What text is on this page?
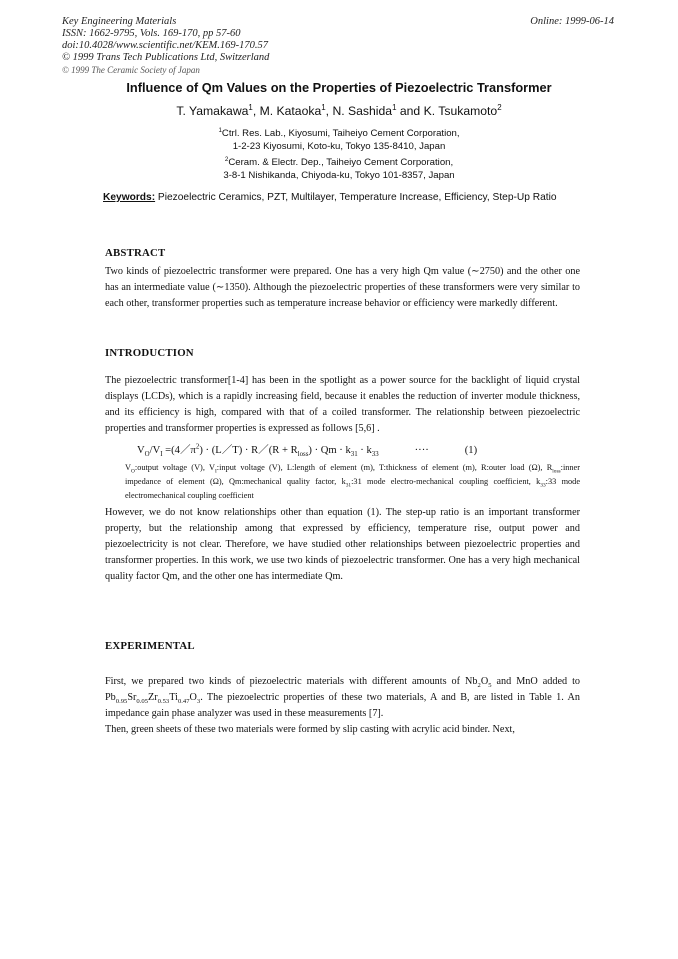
Key Engineering Materials
ISSN: 1662-9795, Vols. 169-170, pp 57-60
doi:10.4028/www.scientific.net/KEM.169-170.57
© 1999 Trans Tech Publications Ltd, Switzerland
© 1999 The Ceramic Society of Japan
Online: 1999-06-14
Influence of Qm Values on the Properties of Piezoelectric Transformer
T. Yamakawa$^1$, M. Kataoka$^1$, N. Sashida$^1$ and K. Tsukamoto$^2$
$^1$Ctrl. Res. Lab., Kiyosumi, Taiheiyo Cement Corporation,
1-2-23 Kiyosumi, Koto-ku, Tokyo 135-8410, Japan
$^2$Ceram. & Electr. Dep., Taiheiyo Cement Corporation,
3-8-1 Nishikanda, Chiyoda-ku, Tokyo 101-8357, Japan
Keywords: Piezoelectric Ceramics, PZT, Multilayer, Temperature Increase, Efficiency, Step-Up Ratio
ABSTRACT

Two kinds of piezoelectric transformer were prepared. One has a very high Qm value (∼2750) and the other one has an intermediate value (∼1350). Although the piezoelectric properties of these transformers were very similar to each other, transformer properties such as temperature increase behavior or efficiency were markedly different.

INTRODUCTION

The piezoelectric transformer[1-4] has been in the spotlight as a power source for the backlight of liquid crystal displays (LCDs), which is a rapidly increasing field, because it enables the reduction of inverter module thickness, and its efficiency is high, compared with that of a coiled transformer. The relationship between piezoelectric properties and transformer properties is expressed as follows [5,6] .

$V_O/V_I$ $=(4/\pi^2)$ · (L／T) · R／(R + $R_{loss}) \cdot Qm \cdot k_{31} \cdot k_{33}$	····	(1)

$V_O:output$ voltage (V), $V_I:input$ voltage (V), L:length of element (m), T:thickness of element (m), R:outer load (Ω), $R_{loss}:inner$ impedance of element (Ω), Qm:mechanical quality factor, $k_{31}:31$ mode electro-mechanical coupling coefficient, $k_{33}:33$ mode electromechanical coupling coefficient

However, we do not know relationships other than equation (1). The step-up ratio is an important transformer property, but the relationship among that expressed by efficiency, temperature rise, output power and piezoelectricity is not clear. Therefore, we have studied other relationships between piezoelectric properties and transformer properties. In this work, we use two kinds of piezoelectric transformer. One has a very high mechanical quality factor Qm, and the other one has intermediate Qm.

EXPERIMENTAL

First, we prepared two kinds of piezoelectric materials with different amounts of $Nb_2O_5$ and MnO added to $Pb_{0.95}Sr_{0.05}Zr_{0.53}Ti_{0.47}O_3$. The piezoelectric properties of these two materials, A and B, are listed in Table 1. An impedance gain phase analyzer was used in these measurements [7].

Then, green sheets of these two materials were formed by slip casting with acrylic acid binder. Next,
